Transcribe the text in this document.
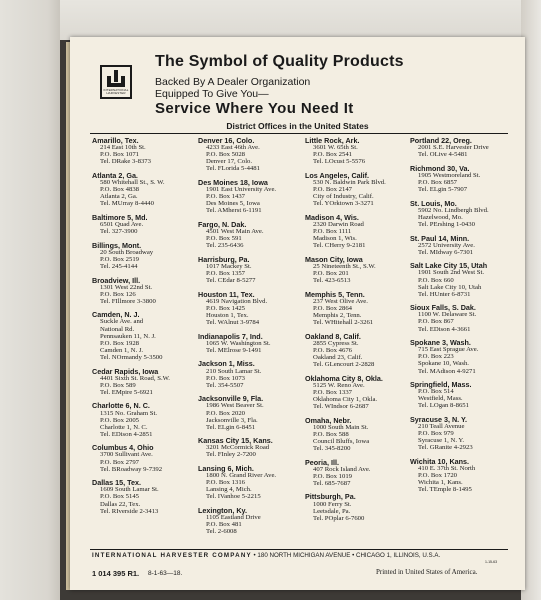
INTERNATIONAL
HARVESTER
The Symbol of Quality Products
Backed By A Dealer Organization
Equipped To Give You—
Service Where You Need It
District Offices in the United States
Amarillo, Tex.
214 East 10th St.
P.O. Box 1071
Tel. DRake 3-8373
Atlanta 2, Ga.
580 Whitehall St., S. W.
P.O. Box 4838
Atlanta 2, Ga.
Tel. MUrray 8-4440
Baltimore 5, Md.
6501 Quad Ave.
Tel. 327-3900
Billings, Mont.
20 South Broadway
P.O. Box 2519
Tel. 245-4144
Broadview, Ill.
1301 West 22nd St.
P.O. Box 126
Tel. FIllmore 3-3800
Camden, N. J.
Suckle Ave. and
National Rd.
Pennsauken 11, N. J.
P.O. Box 1928
Camden 1, N. J.
Tel. NOrmandy 5-3500
Cedar Rapids, Iowa
4401 Sixth St. Road, S.W.
P.O. Box 589
Tel. EMpire 5-6921
Charlotte 6, N. C.
1315 No. Graham St.
P.O. Box 2005
Charlotte 1, N. C.
Tel. EDison 4-2851
Columbus 4, Ohio
3700 Sullivant Ave.
P.O. Box 2797
Tel. BRoadway 9-7392
Dallas 15, Tex.
1609 South Lamar St.
P.O. Box 5145
Dallas 22, Tex.
Tel. RIverside 2-3413
Denver 16, Colo.
4233 East 46th Ave.
P.O. Box 5028
Denver 17, Colo.
Tel. FLorida 5-4481
Des Moines 18, Iowa
1901 East University Ave.
P.O. Box 1437
Des Moines 5, Iowa
Tel. AMherst 6-1191
Fargo, N. Dak.
4501 West Main Ave.
P.O. Box 591
Tel. 235-6436
Harrisburg, Pa.
1017 Mackey St.
P.O. Box 1357
Tel. CEdar 8-5277
Houston 11, Tex.
4619 Navigation Blvd.
P.O. Box 1425
Houston 1, Tex.
Tel. WAlnut 3-9784
Indianapolis 7, Ind.
1065 W. Washington St.
Tel. MElrose 9-1491
Jackson 1, Miss.
210 South Lamar St.
P.O. Box 1073
Tel. 354-5507
Jacksonville 9, Fla.
1986 West Beaver St.
P.O. Box 2020
Jacksonville 3, Fla.
Tel. ELgin 6-8451
Kansas City 15, Kans.
3201 McCormick Road
Tel. FInley 2-7200
Lansing 6, Mich.
1800 N. Grand River Ave.
P.O. Box 1316
Lansing 4, Mich.
Tel. IVanhoe 5-2215
Lexington, Ky.
1105 Eastland Drive
P.O. Box 481
Tel. 2-6008
Little Rock, Ark.
3601 W. 65th St.
P.O. Box 2541
Tel. LOcust 5-5576
Los Angeles, Calif.
530 N. Baldwin Park Blvd.
P.O. Box 2147
City of Industry, Calif.
Tel. YOrktown 3-3271
Madison 4, Wis.
2320 Darwin Road
P.O. Box 1111
Madison 1, Wis.
Tel. CHerry 9-2181
Mason City, Iowa
25 Nineteenth St., S.W.
P.O. Box 201
Tel. 423-6513
Memphis 5, Tenn.
237 West Olive Ave.
P.O. Box 2864
Memphis 2, Tenn.
Tel. WHitehall 2-3261
Oakland 8, Calif.
2855 Cypress St.
P.O. Box 4676
Oakland 23, Calif.
Tel. GLencourt 2-2828
Oklahoma City 8, Okla.
5125 W. Reno Ave.
P.O. Box 1337
Oklahoma City 1, Okla.
Tel. WIndsor 6-2687
Omaha, Nebr.
1000 South Main St.
P.O. Box 588
Council Bluffs, Iowa
Tel. 345-8200
Peoria, Ill.
407 Rock Island Ave.
P.O. Box 1019
Tel. 685-7687
Pittsburgh, Pa.
1000 Ferry St.
Leetsdale, Pa.
Tel. POplar 6-7600
Portland 22, Oreg.
2001 S.E. Harvester Drive
Tel. OLive 4-5481
Richmond 30, Va.
1905 Westmoreland St.
P.O. Box 6857
Tel. ELgin 5-7907
St. Louis, Mo.
5902 No. Lindbergh Blvd.
Hazelwood, Mo.
Tel. PErshing 1-0430
St. Paul 14, Minn.
2572 University Ave.
Tel. MIdway 6-7301
Salt Lake City 15, Utah
1901 South 2nd West St.
P.O. Box 660
Salt Lake City 10, Utah
Tel. HUnter 6-8731
Sioux Falls, S. Dak.
1100 W. Delaware St.
P.O. Box 867
Tel. EDison 4-3661
Spokane 3, Wash.
715 East Sprague Ave.
P.O. Box 223
Spokane 10, Wash.
Tel. MAdison 4-9271
Springfield, Mass.
P.O. Box 514
Westfield, Mass.
Tel. LOgan 8-8651
Syracuse 3, N. Y.
210 Teall Avenue
P.O. Box 979
Syracuse 1, N. Y.
Tel. GRanite 4-2923
Wichita 10, Kans.
410 E. 37th St. North
P.O. Box 1720
Wichita 1, Kans.
Tel. TEmple 8-1495
INTERNATIONAL HARVESTER COMPANY • 180 NORTH MICHIGAN AVENUE • CHICAGO 1, ILLINOIS, U.S.A.
1-15-63
1 014 395 R1. 8-1-63—18.	Printed in United States of America.
